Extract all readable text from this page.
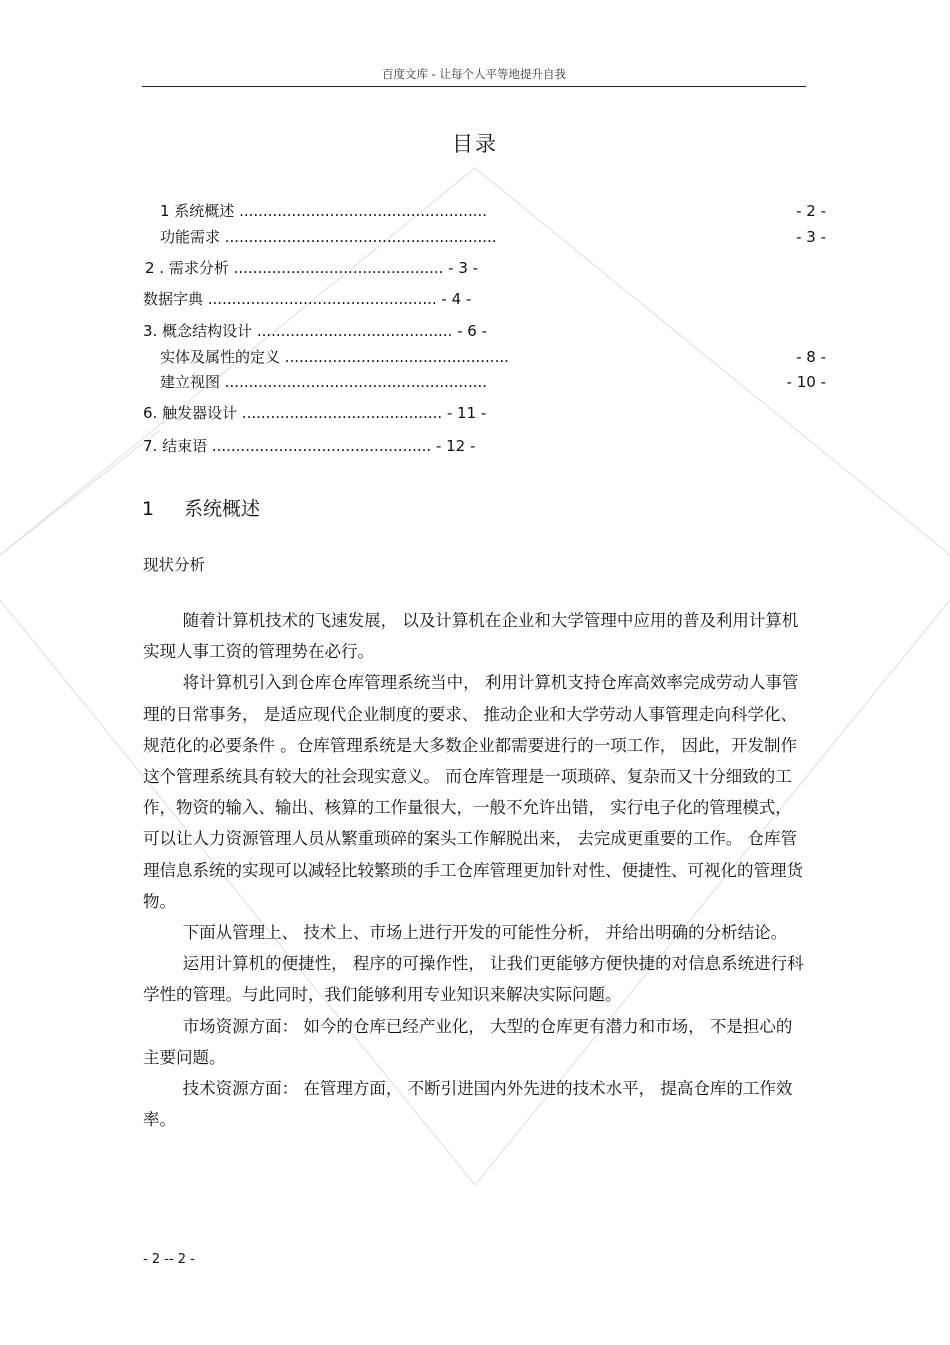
百度文库 - 让每个人平等地提升自我
目录
1 系统概述 ....................................................	- 2 -
功能需求 .........................................................	- 3 -
2 . 需求分析 ............................................ - 3 -
数据字典 ................................................ - 4 -
3. 概念结构设计 ......................................... - 6 -
实体及属性的定义 ...............................................	- 8 -
建立视图 .......................................................	- 10 -
6. 触发器设计 .......................................... - 11 -
7. 结束语 .............................................. - 12 -
1 系统概述
现状分析

随着计算机技术的飞速发展， 以及计算机在企业和大学管理中应用的普及利用计算机实现人事工资的管理势在必行。

将计算机引入到仓库仓库管理系统当中， 利用计算机支持仓库高效率完成劳动人事管理的日常事务， 是适应现代企业制度的要求、 推动企业和大学劳动人事管理走向科学化、 规范化的必要条件 。仓库管理系统是大多数企业都需要进行的一项工作， 因此，开发制作这个管理系统具有较大的社会现实意义。 而仓库管理是一项琐碎、复杂而又十分细致的工作，物资的输入、输出、核算的工作量很大，一般不允许出错， 实行电子化的管理模式， 可以让人力资源管理人员从繁重琐碎的案头工作解脱出来， 去完成更重要的工作。 仓库管理信息系统的实现可以减轻比较繁琐的手工仓库管理更加针对性、便捷性、可视化的管理货物。

下面从管理上、 技术上、市场上进行开发的可能性分析， 并给出明确的分析结论。

运用计算机的便捷性， 程序的可操作性， 让我们更能够方便快捷的对信息系统进行科学性的管理。与此同时，我们能够利用专业知识来解决实际问题。

市场资源方面： 如今的仓库已经产业化， 大型的仓库更有潜力和市场， 不是担心的主要问题。

技术资源方面： 在管理方面， 不断引进国内外先进的技术水平， 提高仓库的工作效率。

- 2 -- 2 -
